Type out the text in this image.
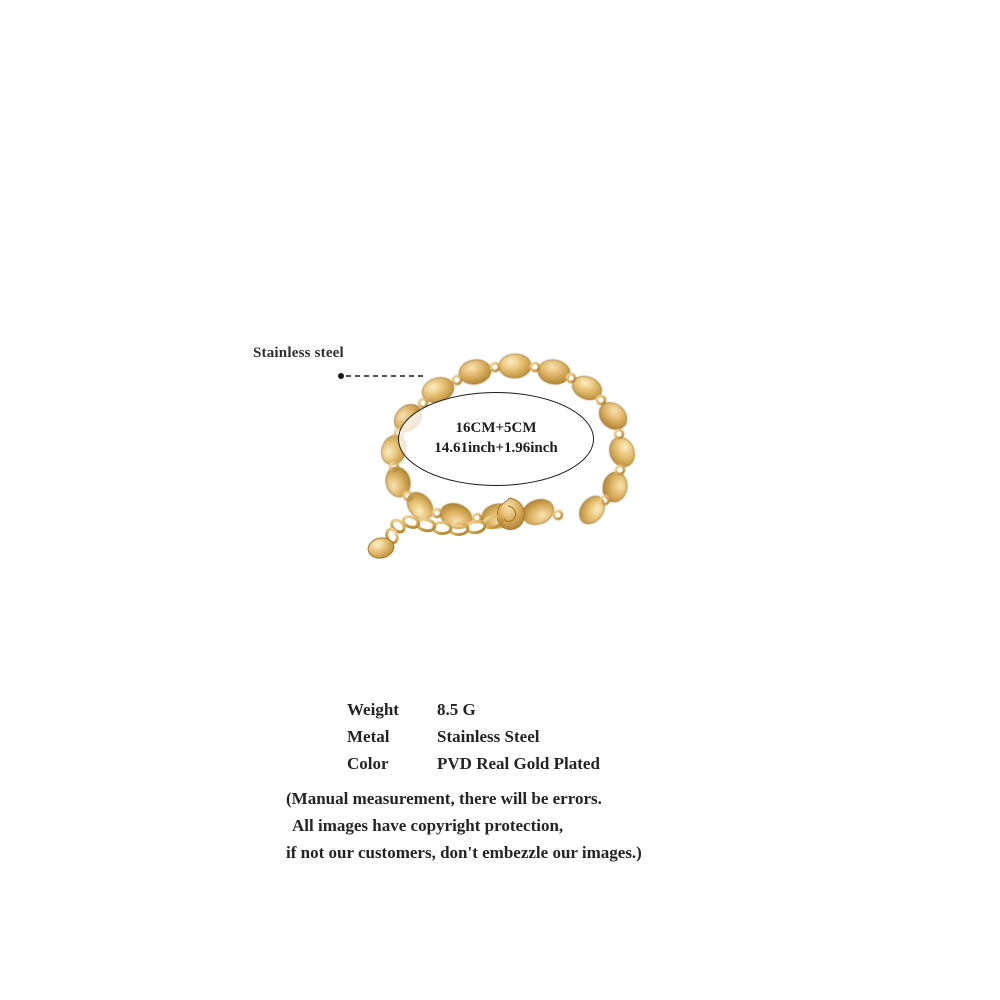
Stainless steel
16CM+5CM
14.61inch+1.96inch
Weight	8.5 G
Metal	Stainless Steel
Color	PVD Real Gold Plated

(Manual measurement, there will be errors.

All images have copyright protection,

if not our customers, don't embezzle our images.)
